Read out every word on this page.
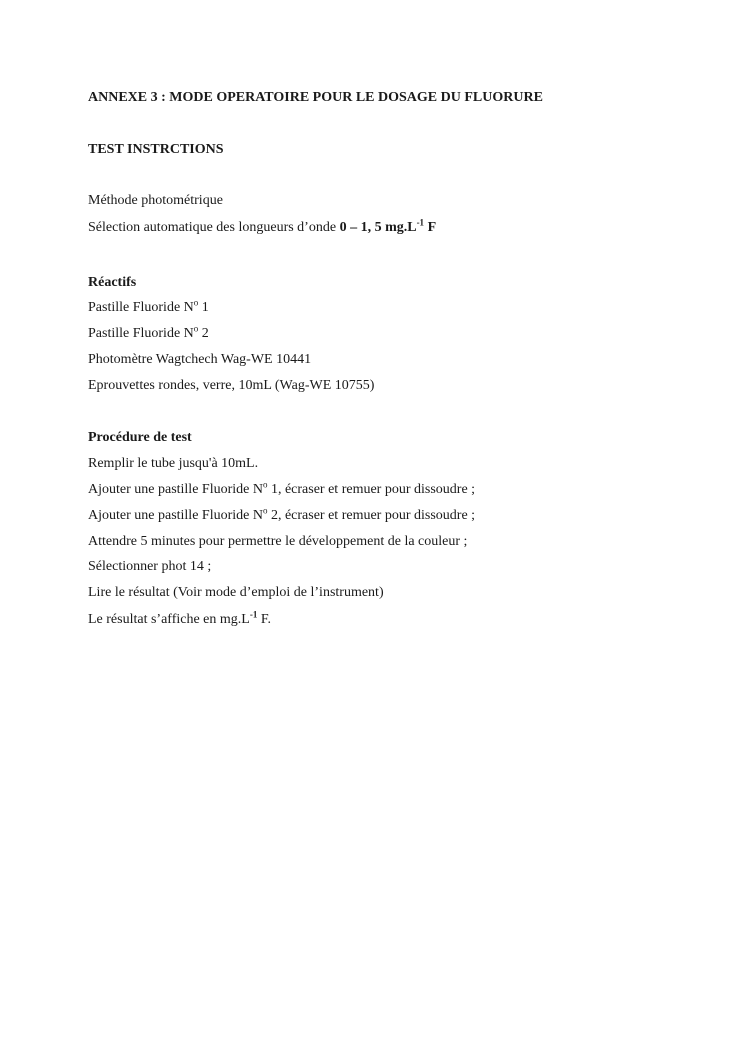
ANNEXE 3 : MODE OPERATOIRE POUR LE DOSAGE DU FLUORURE
TEST INSTRCTIONS
Méthode photométrique
Sélection automatique des longueurs d’onde 0 – 1, 5 $mg.L^{-1}$ F
Réactifs
Pastille Fluoride $N^o$ 1
Pastille Fluoride $N^o$ 2
Photomètre Wagtchech Wag-WE 10441
Eprouvettes rondes, verre, 10mL (Wag-WE 10755)
Procédure de test
Remplir le tube jusqu'à 10mL.
Ajouter une pastille Fluoride $N^o$ 1, écraser et remuer pour dissoudre ;
Ajouter une pastille Fluoride $N^o$ 2, écraser et remuer pour dissoudre ;
Attendre 5 minutes pour permettre le développement de la couleur ;
Sélectionner phot 14 ;
Lire le résultat (Voir mode d’emploi de l’instrument)
Le résultat s’affiche en $mg.L^{-1}$ F.
